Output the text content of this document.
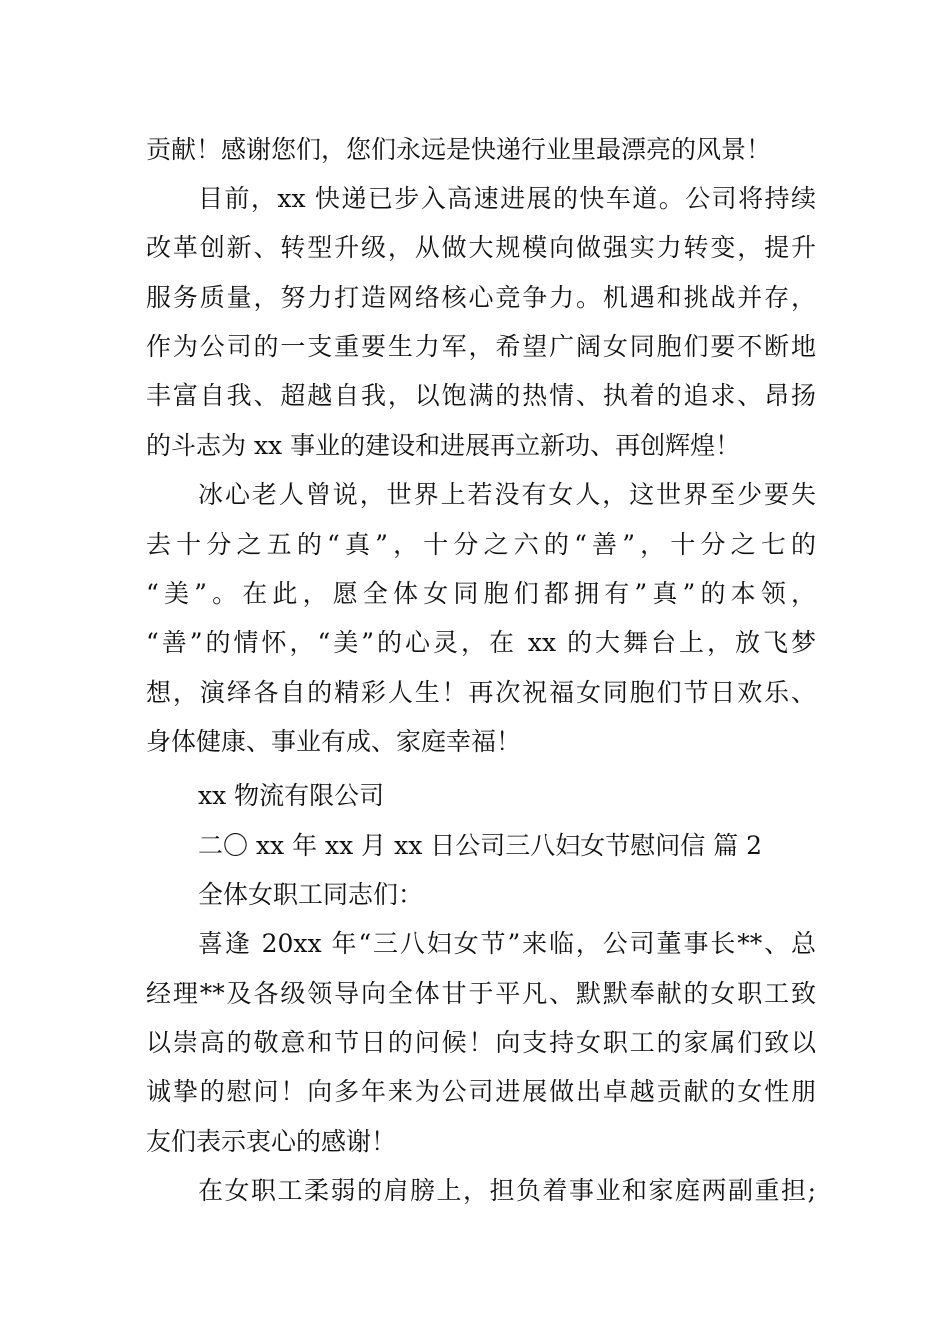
贡献！感谢您们，您们永远是快递行业里最漂亮的风景！

目前，xx 快递已步入高速进展的快车道。公司将持续

改革创新、转型升级，从做大规模向做强实力转变，提升

服务质量，努力打造网络核心竞争力。机遇和挑战并存，

作为公司的一支重要生力军，希望广阔女同胞们要不断地

丰富自我、超越自我，以饱满的热情、执着的追求、昂扬

的斗志为 xx 事业的建设和进展再立新功、再创辉煌！

冰心老人曾说，世界上若没有女人，这世界至少要失

去十分之五的“真”，十分之六的“善”，十分之七的

“美”。在此，愿全体女同胞们都拥有”真”的本领，

“善”的情怀，“美”的心灵，在 xx 的大舞台上，放飞梦

想，演绎各自的精彩人生！再次祝福女同胞们节日欢乐、

身体健康、事业有成、家庭幸福！

xx 物流有限公司

二〇 xx 年 xx 月 xx 日公司三八妇女节慰问信 篇 2

全体女职工同志们：

喜逢 20xx 年“三八妇女节”来临，公司董事长**、总

经理**及各级领导向全体甘于平凡、默默奉献的女职工致

以崇高的敬意和节日的问候！向支持女职工的家属们致以

诚挚的慰问！向多年来为公司进展做出卓越贡献的女性朋

友们表示衷心的感谢！

在女职工柔弱的肩膀上，担负着事业和家庭两副重担;
